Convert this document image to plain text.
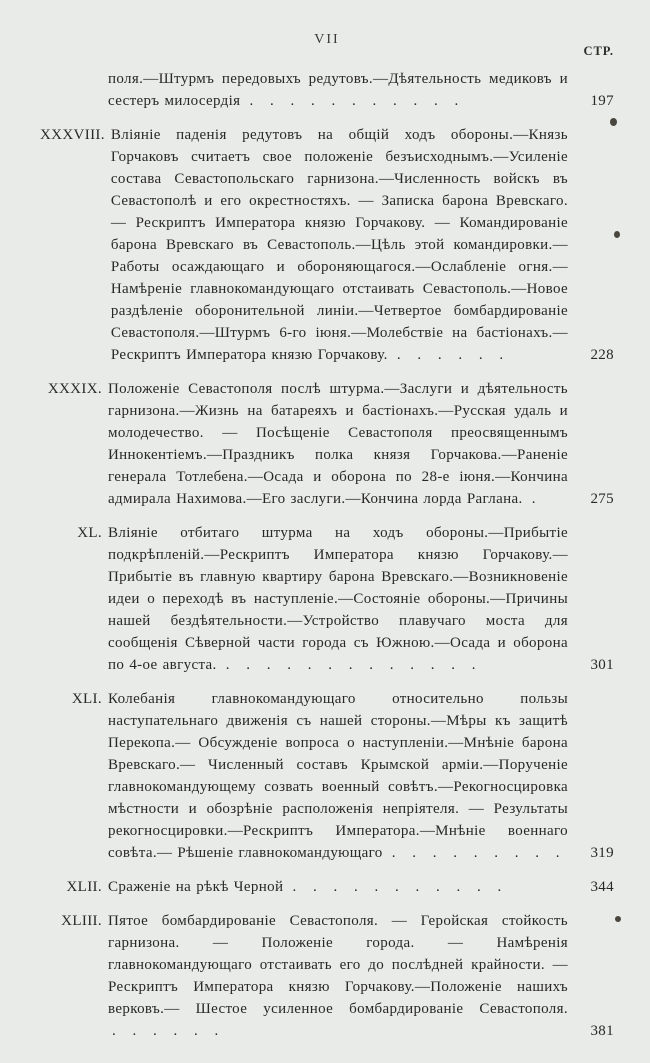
VII
СТР.
поля.—Штурмъ передовыхъ редутовъ.—Дѣятельность медиковъ и сестеръ милосердія . . . . . . . . . . .	197
XXXVIII. Вліяніе паденія редутовъ на общій ходъ обороны.—Князь Горчаковъ считаетъ свое положеніе безъисходнымъ.—Усиленіе состава Севастопольскаго гарнизона.—Численность войскъ въ Севастополѣ и его окрестностяхъ. — Записка барона Вревскаго. — Рескриптъ Императора князю Горчакову. — Командированіе барона Вревскаго въ Севастополь.—Цѣль этой командировки.— Работы осаждающаго и обороняющагося.—Ослабленіе огня.— Намѣреніе главнокомандующаго отстаивать Севастополь.—Новое раздѣленіе оборонительной линіи.—Четвертое бомбардированіе Севастополя.—Штурмъ 6-го іюня.—Молебствіе на бастіонахъ.— Рескриптъ Императора князю Горчакову. . . . . . .	228
XXXIX. Положеніе Севастополя послѣ штурма.—Заслуги и дѣятельность гарнизона.—Жизнь на батареяхъ и бастіонахъ.—Русская удаль и молодечество. — Посѣщеніе Севастополя преосвященнымъ Иннокентіемъ.—Праздникъ полка князя Горчакова.—Раненіе генерала Тотлебена.—Осада и оборона по 28-е іюня.—Кончина адмирала Нахимова.—Его заслуги.—Кончина лорда Раглана. .	275
XL. Вліяніе отбитаго штурма на ходъ обороны.—Прибытіе подкрѣпленій.—Рескриптъ Императора князю Горчакову.—Прибытіе въ главную квартиру барона Вревскаго.—Возникновеніе идеи о переходѣ въ наступленіе.—Состояніе обороны.—Причины нашей бездѣятельности.—Устройство плавучаго моста для сообщенія Сѣверной части города съ Южною.—Осада и оборона по 4-ое августа. . . . . . . . . . . . . .	301
XLI. Колебанія главнокомандующаго относительно пользы наступательнаго движенія съ нашей стороны.—Мѣры къ защитѣ Перекопа.— Обсужденіе вопроса о наступленіи.—Мнѣніе барона Вревскаго.— Численный составъ Крымской арміи.—Порученіе главнокомандующему созвать военный совѣтъ.—Рекогносцировка мѣстности и обозрѣніе расположенія непріятеля. — Результаты рекогносцировки.—Рескриптъ Императора.—Мнѣніе военнаго совѣта.— Рѣшеніе главнокомандующаго . . . . . . . . .	319
XLII. Сраженіе на рѣкѣ Черной . . . . . . . . . . .	344
XLIII. Пятое бомбардированіе Севастополя. — Геройская стойкость гарнизона. — Положеніе города. — Намѣренія главнокомандующаго отстаивать его до послѣдней крайности. — Рескриптъ Императора князю Горчакову.—Положеніе нашихъ верковъ.— Шестое усиленное бомбардированіе Севастополя. . . . . . .	381
